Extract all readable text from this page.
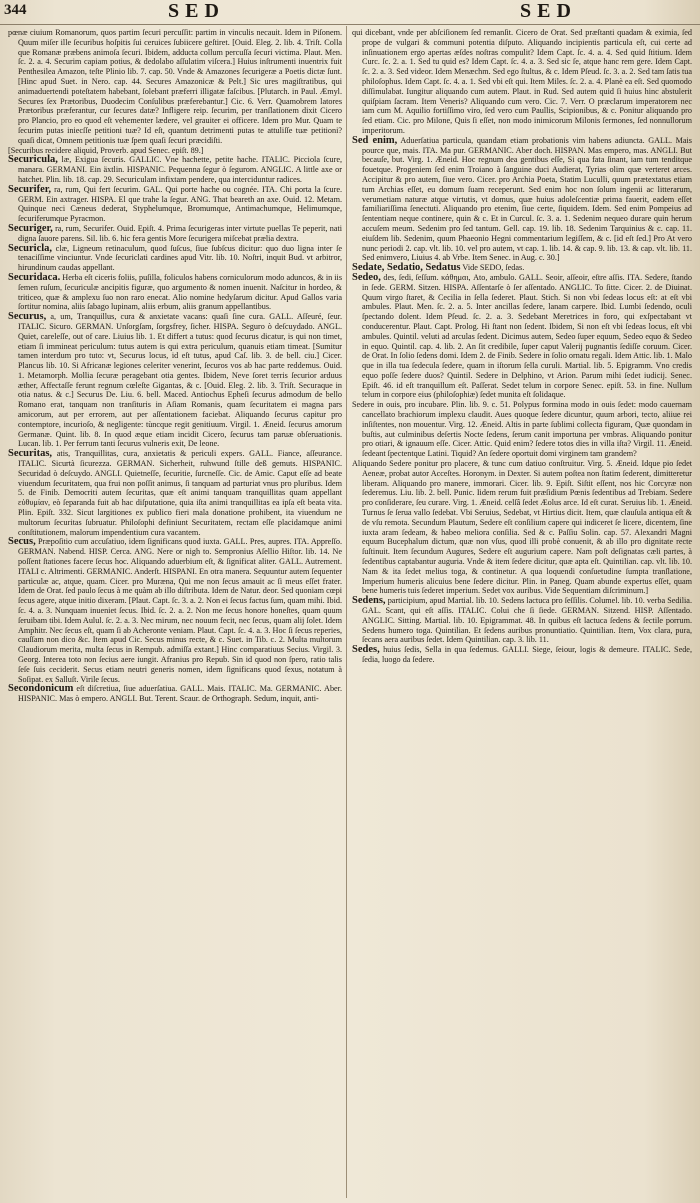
344	SED	SED

pœnæ ciuium Romanorum, quos partim ſecuri percuſſit: partim in vinculis necauit. Idem in Piſonem. Quum miſer ille ſecuribus hoſpitis ſui ceruices ſubiicere geſtiret. [Ouid. Eleg. 2. lib. 4. Triſt. Colla que Romanæ præbens animoſa ſecuri. Ibidem, adducta collum percuſſa ſecuri victima. Plaut. Men. ſc. 2. a. 4. Securim capiam potius, & dedolabo aſſulatim viſcera.] Huius inſtrumenti inuentrix fuit Penthesilea Amazon, teſte Plinio lib. 7. cap. 50. Vnde & Amazones ſecurigeræ a Poetis dictæ ſunt. [Hinc apud Suet. in Nero. cap. 44. Secures Amazonicæ & Pelt.] Sic ures magiſtratibus, qui animaduertendi poteſtatem habebant, ſolebant præferri illigatæ faſcibus. [Plutarch. in Paul. Æmyl. Secures ſex Prætoribus, Duodecim Conſulibus præferebantur.] Cic. 6. Verr. Quamobrem latores Prætoribus præferantur, cur ſecures datæ? Infligere reip. ſecurim, per tranſlationem dixit Cicero pro Plancio, pro eo quod eſt vehementer lædere, vel grauiter ei officere. Idem pro Mur. Quam te ſecurim putas iniecſſe petitioni tuæ? Id eſt, quantum detrimenti putas te attuliſſe tuæ petitioni? quaſi dicat, Omnem petitionis tuæ ſpem quaſi ſecuri præcidiſti.

[Securibus recidere aliquid, Proverb. apud Senec. epiſt. 89.]

Securicula, læ, Exigua ſecuris. GALLIC. Vne hachette, petite hache. ITALIC. Picciola ſcure, manara. GERMANI. Ein äxtlin. HISPANIC. Pequenna ſegur ò ſegurom. ANGLIC. A little axe or hatchet. Plin. lib. 18. cap. 29. Securiculam infixtam pendere, qua interciduntur radices.

Securifer, ra, rum, Qui fert ſecurim. GAL. Qui porte hache ou cognée. ITA. Chi porta la ſcure. GERM. Ein axtrager. HISPA. El que trahe la ſegur. ANG. That beareth an axe. Ouid. 12. Metam. Quinque neci Cæneus dederat, Styphelumque, Bromumque, Antimachumque, Helimumque, ſecuriferumque Pyracmon.

Securiger, ra, rum, Securifer. Ouid. Epiſt. 4. Prima ſecurigeras inter virtute puellas Te peperit, nati digna ſauore parens. Sil. lib. 6. hic fera gentis More ſecurigera miſcebat prælia dextra.

Securicla, clæ, Ligneum retinaculum, quod ſuſcus, ſiue ſubſcus dicitur: quo duo ligna inter ſe tenaciſſime vinciuntur. Vnde ſecuriclati cardines apud Vitr. lib. 10. Noſtri, inquit Bud. vt arbitror, hirundinum caudas appellant.

Securidaca. Herba eſt ciceris foliis, puſilla, foliculos habens corniculorum modo aduncos, & in iis ſemen ruſum, ſecuriculæ ancipitis figuræ, quo argumento & nomen inuenit. Naſcitur in hordeo, & triticeo, quæ & amplexu ſuo non raro enecat. Alio nomine hedyſarum dicitur. Apud Gallos varia ſortitur nomina, aliis ſabago lupinam, aliis erbum, aliis granum appellantibus.

Securus, a, um, Tranquillus, cura & anxietate vacans: quaſi ſine cura. GALL. Aſſeuré, ſeur. ITALIC. Sicuro. GERMAN. Unſorgſam, ſorgsfrey, ſicher. HISPA. Seguro ò deſcuydado. ANGL. Quiet, careleſſe, out of care. Liuius lib. 1. Et differt a tutus: quod ſecurus dicatur, is qui non timet, etiam ſi immineat periculum: tutus autem is qui extra periculum, quanuis etiam timeat. [Sumitur tamen interdum pro tuto: vt, Securus locus, id eſt tutus, apud Caſ. lib. 3. de bell. ciu.] Cicer. Plancus lib. 10. Si Africanæ legiones celeriter venerint, ſecuros vos ab hac parte reddemus. Ouid. 1. Metamorph. Mollia ſecuræ peragebant otia gentes. Ibidem, Neve ſoret terris ſecurior arduus æther, Affectaſſe ferunt regnum cœleſte Gigantas, & c. [Ouid. Eleg. 2. lib. 3. Triſt. Securaque in otia natus. & c.] Securus De. Liu. 6. bell. Maced. Antiochus Epheſi ſecurus admodum de bello Romano erat, tanquam non tranſituris in Aſiam Romanis, quam ſecuritatem ei magna pars amicorum, aut per errorem, aut per aſſentationem faciebat. Aliquando ſecurus capitur pro contemptore, incurioſo, & negligente: tùncque regit genitiuum. Virgil. 1. Æneid. ſecurus amorum Germanæ. Quint. lib. 8. In quod æque etiam incidit Cicero, ſecurus tam paruæ obſeruationis. Lucan. lib. 1. Per ferrum tanti ſecurus vulneris exit, De leone.

Securitas, atis, Tranquillitas, cura, anxietatis & periculi expers. GALL. Fiance, aſſeurance. ITALIC. Sicurtà ſicurezza. GERMAN. Sicherheit, ruhwund ſtille deß gemuts. HISPANIC. Securidad ò deſcuydo. ANGLI. Quietneſſe, ſecuritie, ſurcneſſe. Cic. de Amic. Caput eſſe ad beate viuendum ſecuritatem, qua frui non poſſit animus, ſi tanquam ad parturiat vnus pro pluribus. Idem 5. de Finib. Democriti autem ſecuritas, quæ eſt animi tanquam tranquillitas quam appellant εὐθυμίαν, eò ſeparanda fuit ab hac diſputatione, quia iſta animi tranquillitas ea ipſa eſt beata vita. Plin. Epiſt. 332. Sicut largitiones ex publico fieri mala donatione prohibent, ita viuendum ne multorum ſecuritas ſubruatur. Philoſophi definiunt Securitatem, rectam eſſe placidamque animi conſtitutionem, malorum impendentium cura vacantem.

Secus, Præpoſitio cum accuſatiuo, idem ſignificans quod iuxta. GALL. Pres, aupres. ITA. Appreſſo. GERMAN. Nabend. HISP. Cerca. ANG. Nere or nigh to. Sempronius Aſellio Hiſtor. lib. 14. Ne poſſent ſtationes facere ſecus hoc. Aliquando aduerbium eſt, & ſignificat aliter. GALL. Autrement. ITALI c. Altrimenti. GERMANIC. Anderſt. HISPANI. En otra manera. Sequuntur autem ſequenter particulæ ac, atque, quam. Cicer. pro Muræna, Qui me non ſecus amauit ac ſi meus eſſet frater. Idem de Orat. ſed paulo ſecus à me quàm ab illo diſtributa. Idem de Natur. deor. Sed quoniam cœpi ſecus agere, atque initio dixeram. [Plaut. Capt. ſc. 3. a. 2. Non ei ſecus factus ſum, quam mihi. Ibid. ſc. 4. a. 3. Nunquam inueniet ſecus. Ibid. ſc. 2. a. 2. Non me ſecus honore honeſtes, quam quum ſeruibam tibi. Idem Aulul. ſc. 2. a. 3. Nec mirum, nec nouum fecit, nec ſecus, quam alij ſolet. Idem Amphitr. Nec ſecus eſt, quam ſi ab Acheronte veniam. Plaut. Capt. ſc. 4. a. 3. Hoc ſi ſecus reperies, cauſſam non dico &c. Item apud Cic. Secus minus recte, & c. Suet. in Tib. c. 2. Multa multorum Claudiorum merita, multa ſecus in Rempub. admiſſa extant.] Hinc comparatiuus Secius. Virgil. 3. Georg. Interea toto non ſecius aere iungit. Afranius pro Repub. Sin id quod non ſpero, ratio talis ſeſe ſuis ceciderit. Secus etiam neutri generis nomen, idem ſignificans quod ſexus, notatum à Soſipat. ex Salluſt. Virile ſecus.

Secondonicum eſt diſcretiua, ſiue aduerſatiua. GALL. Mais. ITALIC. Ma. GERMANIC. Aber. HISPANIC. Mas ò empero. ANGLI. But. Terent. Scaur. de Orthograph. Sedum, inquit, anti-

qui dicebant, vnde per abſciſionem ſed remanſit. Cicero de Orat. Sed præſtanti quadam & eximia, ſed prope de vulgari & communi potentia diſputo. Aliquando incipientis particula eſt, cui certe ad inſinuationem ergo apertas æſdes noſtras compulit? Idem Capt. ſc. 4. a. 4. Sed quid ſtitium. Idem Curc. ſc. 2. a. 1. Sed tu quid es? Idem Capt. ſc. 4. a. 3. Sed sic ſe, atque hanc rem gere. Idem Capt. ſc. 2. a. 3. Sed videor. Idem Menæchm. Sed ego ſtultus, & c. Idem Pſeud. ſc. 3. a. 2. Sed tam ſatis tua philoſophus. Idem Capt. ſc. 4. a. 1. Sed vbi eſt qui. Item Miles. ſc. 2. a. 4. Planè ea eſt. Sed quomodo diſſimulabat. Iungitur aliquando cum autem. Plaut. in Rud. Sed autem quid ſi huius hinc abstulerit quiſpiam ſacram. Item Veneris? Aliquando cum vero. Cic. 7. Verr. O præclarum imperatorem nec iam cum M. Aquilio fortiſſimo viro, ſed vero cum Paullis, Scipionibus, & c. Ponitur aliquando pro ſed etiam. Cic. pro Milone, Quis ſi eſſet, non modo inimicorum Milonis ſermones, ſed nonnullorum imperitorum.

Sed enim, Aduerſatiua particula, quandam etiam probationis vim habens adiuncta. GALL. Mais pource que, mais. ITA. Ma pur. GERMANIC. Aber doch. HISPAN. Mas empero, mas. ANGLI. But becauſe, but. Virg. 1. Æneid. Hoc regnum dea gentibus eſſe, Si qua fata ſinant, iam tum tenditque fouetque. Progeniem ſed enim Troiano à ſanguine duci Audierat, Tyrias olim quæ verteret arces. Accipitur & pro autem, ſiue vero. Cicer. pro Archia Poeta, Statim Luculli, quum prætextatus etiam tum Archias eſſet, eu domum ſuam receperunt. Sed enim hoc non ſolum ingenii ac litterarum, verumetiam naturæ atque virtutis, vt domus, quæ huius adoleſcentiæ prima fauerit, eadem eſſet familiariſſima ſenectuti. Aliquando pro etenim, ſiue certe, ſiquidem. Idem. Sed enim Pompeius ad ſententiam neque continere, quin & c. Et in Curcul. ſc. 3. a. 1. Sedenim nequeo durare quin herum accuſem meum. Sedenim pro ſed tantum. Gell. cap. 19. lib. 18. Sedenim Tarquinius & c. cap. 11. eiuſdem lib. Sedenim, quum Phaeonio Hegni commentarium legiſſem, & c. [id eſt ſed.] Pro At vero nunc periodi 2. cap. vlt. lib. 10. vel pro autem, vt cap. 1. lib. 14. & cap. 9. lib. 13. & cap. vlt. lib. 11. Sed enimvero, Liuius 4. ab Vrbe. Item Senec. in Aug. c. 30.]

Sedate, Sedatio, Sedatus Vide SEDO, ſedas.

Sedeo, des, ſedi, ſeſſum. κάθημαι, Ato, ambulo. GALL. Seoir, aſſeoir, eſtre aſſis. ITA. Sedere, ſtando in ſede. GERM. Sitzen. HISPA. Aſſentarſe ò ſer aſſentado. ANGLIC. To ſitte. Cicer. 2. de Diuinat. Quum virgo ſtaret, & Cecilia in ſella ſederet. Plaut. Stich. Si non vbi ſedeas locus eſt: at eſt vbi ambules. Plaut. Men. ſc. 2. a. 5. Inter ancillas ſedere, lanam carpere. Ibid. Lumbi ſedendo, oculi ſpectando dolent. Idem Pſeud. ſc. 2. a. 3. Sedebant Meretrices in foro, qui exſpectabant vt conducerentur. Plaut. Capt. Prolog. Hi ſtant non ſedent. Ibidem, Si non eſt vbi ſedeas locus, eſt vbi ambules. Quintil. veluti ad arculas ſedent. Dicimus autem, Sedeo ſuper equum, Sedeo equo & Sedeo in equo. Quintil. cap. 4. lib. 2. An ſit credibile, ſuper caput Valerij pugnantis ſediſſe coruum. Cicer. de Orat. In ſolio ſedens domi. Idem 2. de Finib. Sedere in ſolio ornatu regali. Idem Attic. lib. 1. Malo que in illa tua ſedecula ſedere, quam in iſtorum ſella curuli. Martial. lib. 5. Epigramm. Vno credis equo poſſe ſedere duos? Quintil. Sedere in Delphino, vt Arion. Parum mihi ſedet iudicij. Senec. Epiſt. 46. id eſt tranquillum eſt. Paſſerat. Sedet telum in corpore Senec. epiſt. 53. in fine. Nullum telum in corpore eius (philoſophiæ) ſedet munita eſt ſolidaque.

Sedere in ouis, pro incubare. Plin. lib. 9. c. 51. Polypus formina modo in ouis ſedet: modo cauernam cancellato brachiorum implexu claudit. Aues quoque ſedere dicuntur, quum arbori, tecto, aliiue rei inſiſtentes, non mouentur. Virg. 12. Æneid. Altis in parte ſublimi collecta figuram, Quæ quondam in buſtis, aut culminibus deſertis Nocte ſedens, ſerum canit importuna per vmbras. Aliquando ponitur pro otiari, & ignauum eſſe. Cicer. Attic. Quid enim? ſedere totos dies in villa iſta? Virgil. 11. Æneid. ſedeant ſpectentque Latini. Tiquid? An ſedere oportuit domi virginem tam grandem?

Aliquando Sedere ponitur pro placere, & tunc cum datiuo conſtruitur. Virg. 5. Æneid. Idque pio ſedet Aeneæ, probat autor Acceſtes. Horonym. in Dexter. Si autem poſtea non ſtatim ſederent, dimitteretur liberam. Aliquando pro manere, immorari. Cicer. lib. 9. Epiſt. Siſtit eſſent, nos hic Corcyræ non ſederemus. Liu. lib. 2. bell. Punic. Iidem rerum fuit præſidium Pœnis ſedentibus ad Trebiam. Sedere pro conſiderare, ſeu curare. Virg. 1. Æneid. celſâ ſedet Æolus arce. Id eſt curat. Seruius lib. 1. Æneid. Turnus ſe ſerua vallo ſedebat. Vbi Seruius, Sedebat, vt Hirtius dicit. Item, quæ clauſula antiqua eſt & de vſu remota. Secundum Plautum, Sedere eſt conſilium capere qui indiceret ſe licere, dicentem, ſine iuxta aram ſedeam, & habeo meliora conſilia. Sed & c. Paſſiu Solin. cap. 57. Alexandri Magni equum Bucephalum dictum, quæ non vſus, quod illi probè conuenit, & ab illo pro dignitate recte ſuſtinuit. Item ſecundum Augures, Sedere eſt augurium capere. Nam poſt deſignatas cæli partes, à ſedentibus captabantur auguria. Vnde & item ſedere dicitur, quæ apta eſt. Quintilian. cap. vlt. lib. 10. Nam & ita ſedet melius toga, & continetur. A qua loquendi conſuetudine ſumpta tranſlatione, Imperium humeris alicuius bene ſedere dicitur. Plin. in Paneg. Quam abunde expertus eſſet, quam bene humeris tuis ſederet imperium. Sedet vox auribus. Vide Sequentiam diſcriminum.]

Sedens, participium, apud Martial. lib. 10. Sedens lactuca pro ſeſſilis. Columel. lib. 10. verba Sedilia. GAL. Scant, qui eſt aſſis. ITALIC. Colui che ſi ſiede. GERMAN. Sitzend. HISP. Aſſentado. ANGLIC. Sitting. Martial. lib. 10. Epigrammat. 48. In quibus eſt lactuca ſedens & ſectile porrum. Sedens humero toga. Quintilian. Et ſedens auribus pronuntiatio. Quintilian. Item, Vox clara, pura, ſecans aera auribus ſedet. Idem Quintilian. cap. 3. lib. 11.

Sedes, huius ſedis, Sella in qua ſedemus. GALLI. Siege, ſeiour, logis & demeure. ITALIC. Sede, ſedia, luogo da ſedere.
